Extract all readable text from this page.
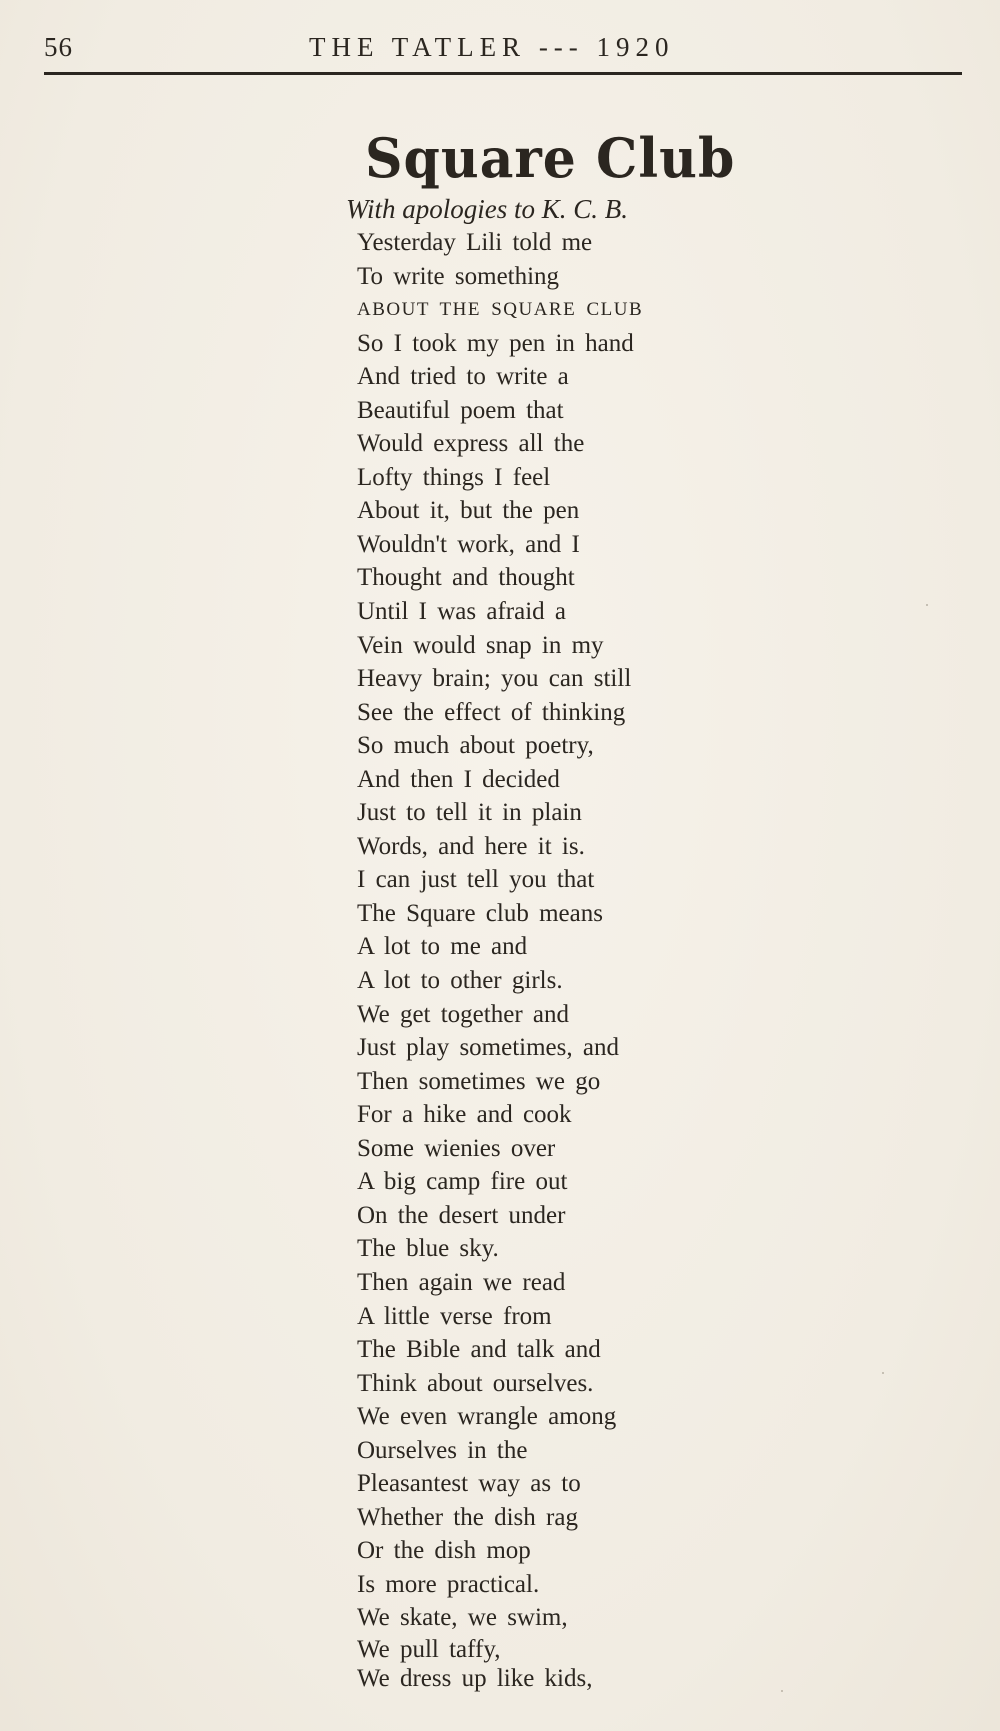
56	THE TATLER --- 1920
Square Club
With apologies to K. C. B.
Yesterday Lili told me
To write something
ABOUT THE SQUARE CLUB
So I took my pen in hand
And tried to write a
Beautiful poem that
Would express all the
Lofty things I feel
About it, but the pen
Wouldn't work, and I
Thought and thought
Until I was afraid a
Vein would snap in my
Heavy brain; you can still
See the effect of thinking
So much about poetry,
And then I decided
Just to tell it in plain
Words, and here it is.
I can just tell you that
The Square club means
A lot to me and
A lot to other girls.
We get together and
Just play sometimes, and
Then sometimes we go
For a hike and cook
Some wienies over
A big camp fire out
On the desert under
The blue sky.
Then again we read
A little verse from
The Bible and talk and
Think about ourselves.
We even wrangle among
Ourselves in the
Pleasantest way as to
Whether the dish rag
Or the dish mop
Is more practical.
We skate, we swim,
We pull taffy,
We dress up like kids,
